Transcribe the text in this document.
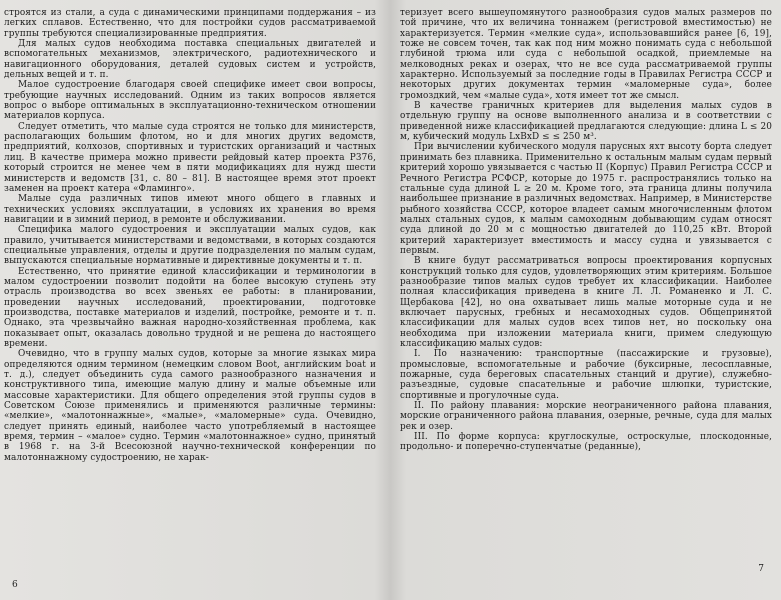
строятся из стали, а суда с динамическими принципами поддержания – из легких сплавов. Естественно, что для постройки судов рассматриваемой группы требуются специализированные предприятия.

Для малых судов необходима поставка специальных двигателей и вспомогательных механизмов, электрического, радиотехнического и навигационного оборудования, деталей судовых систем и устройств, дельных вещей и т. п.

Малое судостроение благодаря своей специфике имеет свои вопросы, требующие научных исследований. Одним из таких вопросов является вопрос о выборе оптимальных в эксплуатационно-техническом отношении материалов корпуса.

Следует отметить, что малые суда строятся не только для министерств, располагающих большим флотом, но и для многих других ведомств, предприятий, колхозов, спортивных и туристских организаций и частных лиц. В качестве примера можно привести рейдовый катер проекта Р376, который строится не менее чем в пяти модификациях для нужд шести министерств и ведомств [31, с. 80 – 81]. В настоящее время этот проект заменен на проект катера «Фламинго».

Малые суда различных типов имеют много общего в главных и технических условиях эксплуатации, в условиях их хранения во время навигации и в зимний период, в ремонте и обслуживании.

Специфика малого судостроения и эксплуатации малых судов, как правило, учитывается министерствами и ведомствами, в которых создаются специальные управления, отделы и другие подразделения по малым судам, выпускаются специальные нормативные и директивные документы и т. п.

Естественно, что принятие единой классификации и терминологии в малом судостроении позволит подойти на более высокую ступень эту отрасль производства во всех звеньях ее работы: в планировании, проведении научных исследований, проектировании, подготовке производства, поставке материалов и изделий, постройке, ремонте и т. п. Однако, эта чрезвычайно важная народно-хозяйственная проблема, как показывает опыт, оказалась довольно трудной и не решена до настоящего времени.

Очевидно, что в группу малых судов, которые за многие языках мира определяются одним термином (немецким словом Boot, английским boat и т. д.), следует объединить суда самого разнообразного назначения и конструктивного типа, имеющие малую длину и малые объемные или массовые характеристики. Для общего определения этой группы судов в Советском Союзе применялись и применяются различные термины: «мелкие», «малотоннажные», «малые», «маломерные» суда. Очевидно, следует принять единый, наиболее часто употребляемый в настоящее время, термин – «малое» судно. Термин «малотоннажное» судно, принятый в 1968 г. на 3-й Всесоюзной научно-технической конференции по малотоннажному судостроению, не харак-

6

теризует всего вышеупомянутого разнообразия судов малых размеров по той причине, что их величина тоннажем (регистровой вместимостью) не характеризуется. Термин «мелкие суда», использовавшийся ранее [6, 19], тоже не совсем точен, так как под ним можно понимать суда с небольшой глубиной трюма или суда с небольшой осадкой, приемлемые на мелководных реках и озерах, что не все суда рассматриваемой группы характерно. Используемый за последние годы в Правилах Регистра СССР и некоторых других документах термин «маломерные суда», более громоздкий, чем «малые суда», хотя имеет тот же смысл.

В качестве граничных критериев для выделения малых судов в отдельную группу на основе выполненного анализа и в соответствии с приведенной ниже классификацией предлагаются следующие: длина L ≤ 20 м, кубический модуль LxBxD ≤ ≤ 250 м³.

При вычислении кубического модуля парусных яхт высоту борта следует принимать без плавника. Применительно к остальным малым судам первый критерий хорошо увязывается с частью II (Корпус) Правил Регистра СССР и Речного Регистра РСФСР, которые до 1975 г. распространялись только на стальные суда длиной L ≥ 20 м. Кроме того, эта граница длины получила наибольшее признание в различных ведомствах. Например, в Министерстве рыбного хозяйства СССР, которое владеет самым многочисленным флотом малых стальных судов, к малым самоходным добывающим судам относят суда длиной до 20 м с мощностью двигателей до 110,25 кВт. Второй критерий характеризует вместимость и массу судна и увязывается с первым.

В книге будут рассматриваться вопросы проектирования корпусных конструкций только для судов, удовлетворяющих этим критериям. Большое разнообразие типов малых судов требует их классификации. Наиболее полная классификация приведена в книге Л. Л. Романенко и Л. С. Щербакова [42], но она охватывает лишь малые моторные суда и не включает парусных, гребных и несамоходных судов. Общепринятой классификации для малых судов всех типов нет, но поскольку она необходима при изложении материала книги, примем следующую классификацию малых судов:

I. По назначению: транспортные (пассажирские и грузовые), промысловые, вспомогательные и рабочие (буксирные, лесосплавные, пожарные, суда береговых спасательных станций и другие), служебно-разъездные, судовые спасательные и рабочие шлюпки, туристские, спортивные и прогулочные суда.

II. По району плавания: морские неограниченного района плавания, морские ограниченного района плавания, озерные, речные, суда для малых рек и озер.

III. По форме корпуса: круглоскулые, остроскулые, плоскодонные, продольно- и поперечно-ступенчатые (реданные),

7
